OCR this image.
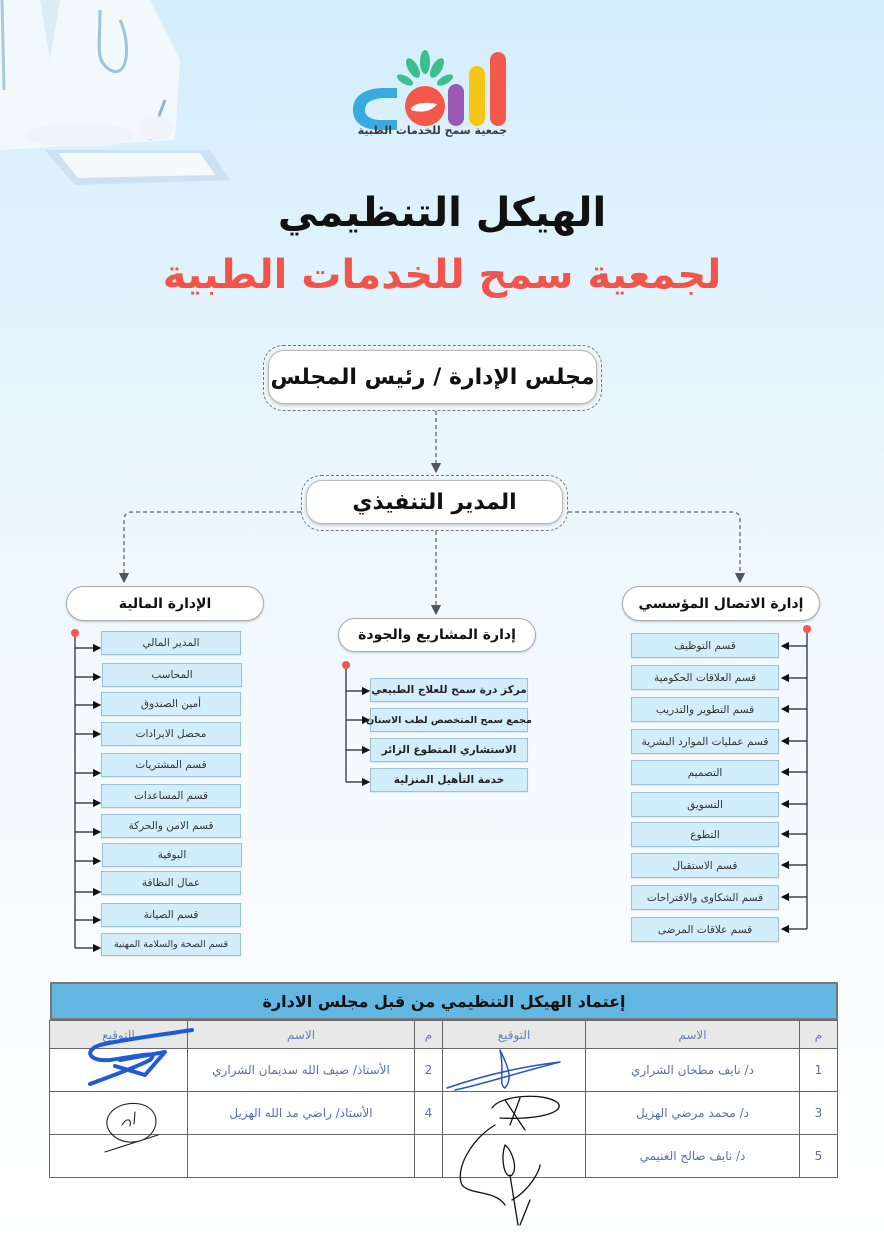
جمعية سمح للخدمات الطبية
الهيكل التنظيمي
لجمعية سمح للخدمات الطبية
مجلس الإدارة / رئيس المجلس
المدير التنفيذي
الإدارة المالية
إدارة المشاريع والجودة
إدارة الاتصال المؤسسي
المدير المالي
المحاسب
أمين الصندوق
محصل الايرادات
قسم المشتريات
قسم المساعدات
قسم الامن والحركة
البوفية
عمال النظافة
قسم الصيانة
قسم الصحة والسلامة المهنية
مركز درة سمح للعلاج الطبيعي
مجمع سمح المتخصص لطب الاسنان
الاستشاري المتطوع الزائر
خدمة التأهيل المنزلية
قسم التوظيف
قسم العلاقات الحكومية
قسم التطوير والتدريب
قسم عمليات الموارد البشرية
التصميم
التسويق
التطوع
قسم الاستقبال
قسم الشكاوى والاقتراحات
قسم علاقات المرضى
إعتماد الهيكل التنظيمي من قبل مجلس الادارة
م	الاسم	التوقيع	م	الاسم	التوقيع
1	د/ نايف مطخان الشراري		2	الأستاذ/ ضيف الله سديمان الشراري	
3	د/ محمد مرضي الهزيل		4	الأستاذ/ راضي مد الله الهزيل	
5	د/ نايف صالح الغنيمي				
